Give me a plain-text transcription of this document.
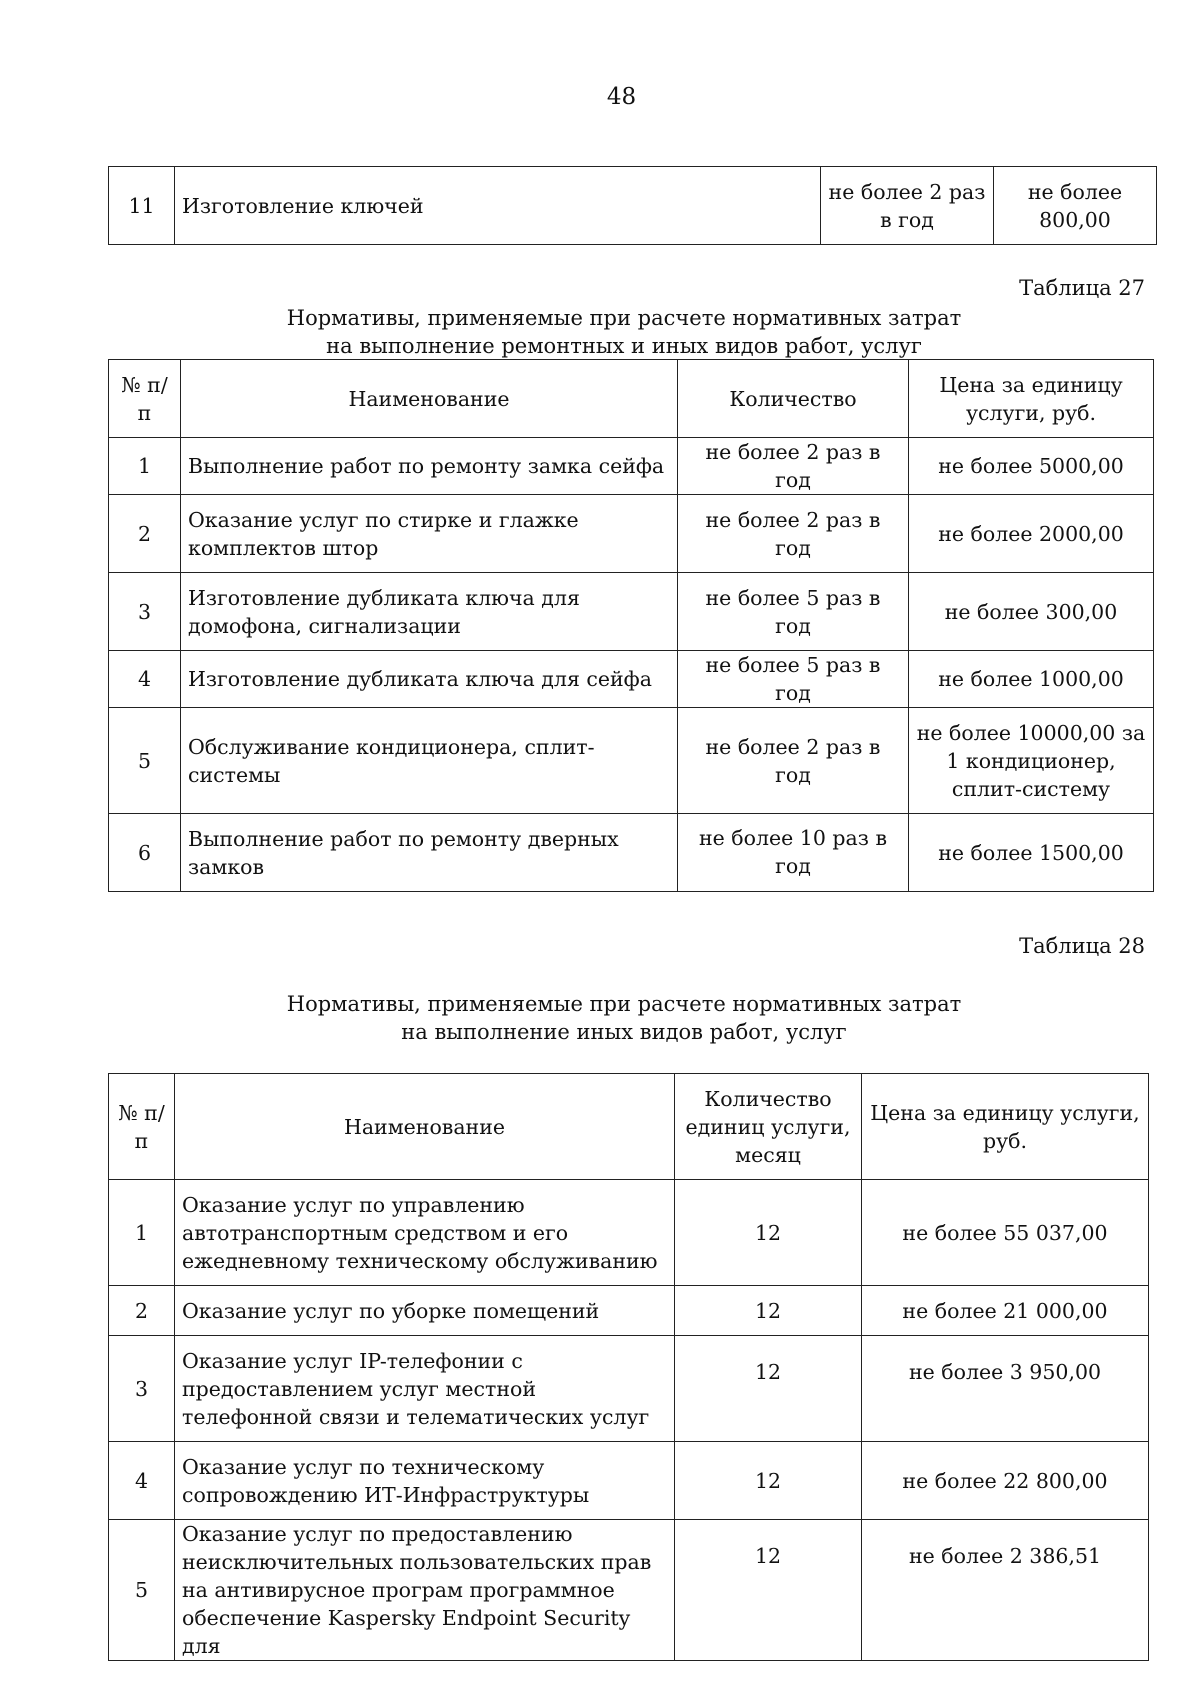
48
11	Изготовление ключей	не более 2 раз в год	не более 800,00
Таблица 27
Нормативы, применяемые при расчете нормативных затрат
на выполнение ремонтных и иных видов работ, услуг
№ п/п	Наименование	Количество	Цена за единицу услуги, руб.
1	Выполнение работ по ремонту замка сейфа	не более 2 раз в год	не более 5000,00
2	Оказание услуг по стирке и глажке комплектов штор	не более 2 раз в год	не более 2000,00
3	Изготовление дубликата ключа для домофона, сигнализации	не более 5 раз в год	не более 300,00
4	Изготовление дубликата ключа для сейфа	не более 5 раз в год	не более 1000,00
5	Обслуживание кондиционера, сплит-системы	не более 2 раз в год	не более 10000,00 за 1 кондиционер, сплит-систему
6	Выполнение работ по ремонту дверных замков	не более 10 раз в год	не более 1500,00
Таблица 28
Нормативы, применяемые при расчете нормативных затрат
на выполнение иных видов работ, услуг
№ п/п	Наименование	Количество единиц услуги, месяц	Цена за единицу услуги, руб.
1	Оказание услуг по управлению автотранспортным средством и его ежедневному техническому обслуживанию	12	не более 55 037,00
2	Оказание услуг по уборке помещений	12	не более 21 000,00
3	Оказание услуг IP-телефонии с предоставлением услуг местной телефонной связи и телематических услуг	12	не более 3 950,00
4	Оказание услуг по техническому сопровождению ИТ-Инфраструктуры	12	не более 22 800,00
5	Оказание услуг по предоставлению неисключительных пользовательских прав на антивирусное програм программное обеспечение Kaspersky Endpoint Security для	12	не более 2 386,51
